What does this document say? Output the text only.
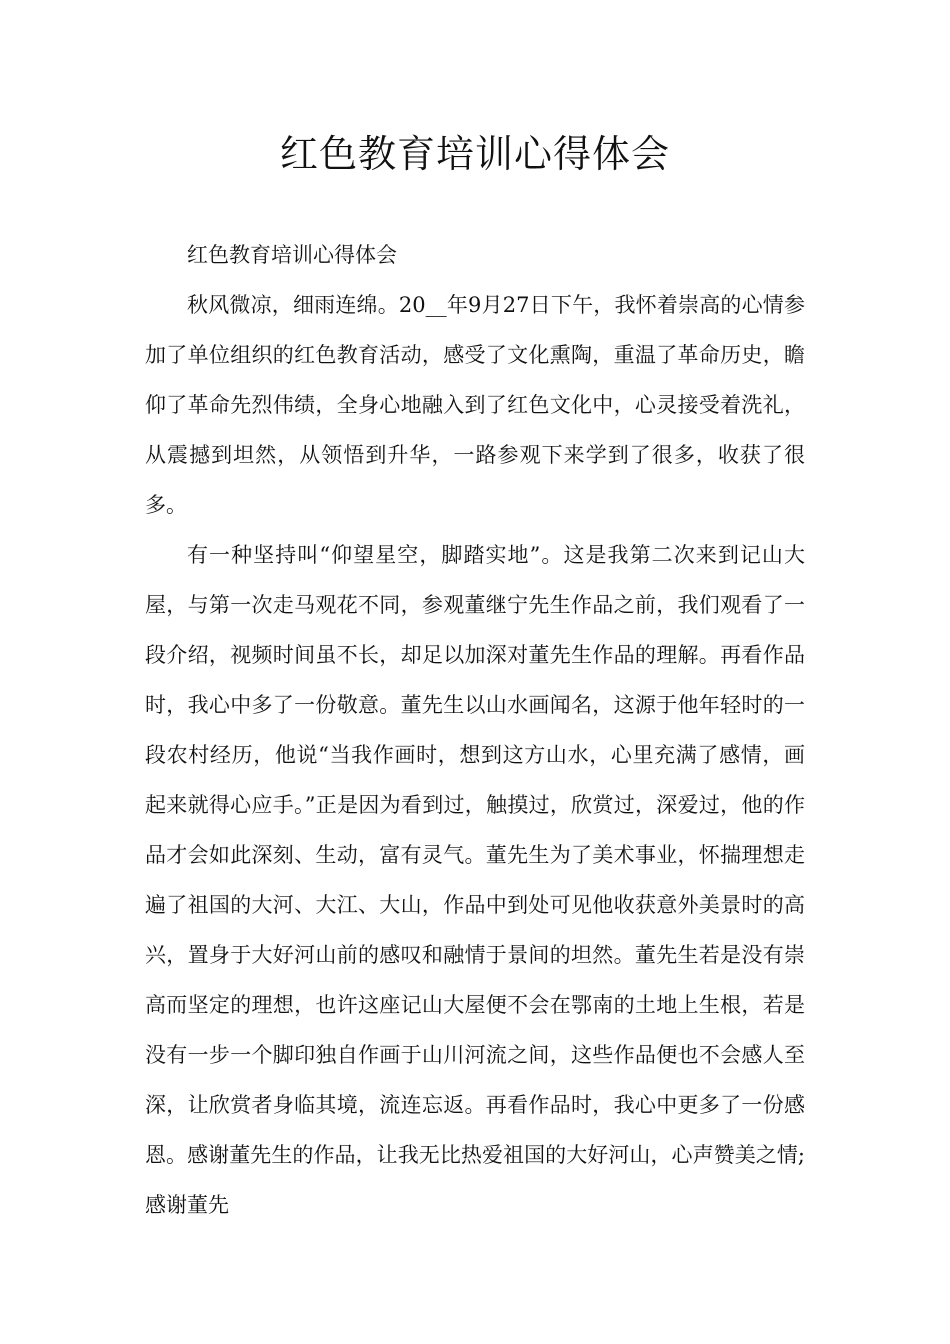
红色教育培训心得体会

红色教育培训心得体会

秋风微凉，细雨连绵。20__年9月27日下午，我怀着崇高的心情参加了单位组织的红色教育活动，感受了文化熏陶，重温了革命历史，瞻仰了革命先烈伟绩，全身心地融入到了红色文化中，心灵接受着洗礼，从震撼到坦然，从领悟到升华，一路参观下来学到了很多，收获了很多。

有一种坚持叫“仰望星空，脚踏实地”。这是我第二次来到记山大屋，与第一次走马观花不同，参观董继宁先生作品之前，我们观看了一段介绍，视频时间虽不长，却足以加深对董先生作品的理解。再看作品时，我心中多了一份敬意。董先生以山水画闻名，这源于他年轻时的一段农村经历，他说“当我作画时，想到这方山水，心里充满了感情，画起来就得心应手。”正是因为看到过，触摸过，欣赏过，深爱过，他的作品才会如此深刻、生动，富有灵气。董先生为了美术事业，怀揣理想走遍了祖国的大河、大江、大山，作品中到处可见他收获意外美景时的高兴，置身于大好河山前的感叹和融情于景间的坦然。董先生若是没有崇高而坚定的理想，也许这座记山大屋便不会在鄂南的土地上生根，若是没有一步一个脚印独自作画于山川河流之间，这些作品便也不会感人至深，让欣赏者身临其境，流连忘返。再看作品时，我心中更多了一份感恩。感谢董先生的作品，让我无比热爱祖国的大好河山，心声赞美之情;感谢董先
